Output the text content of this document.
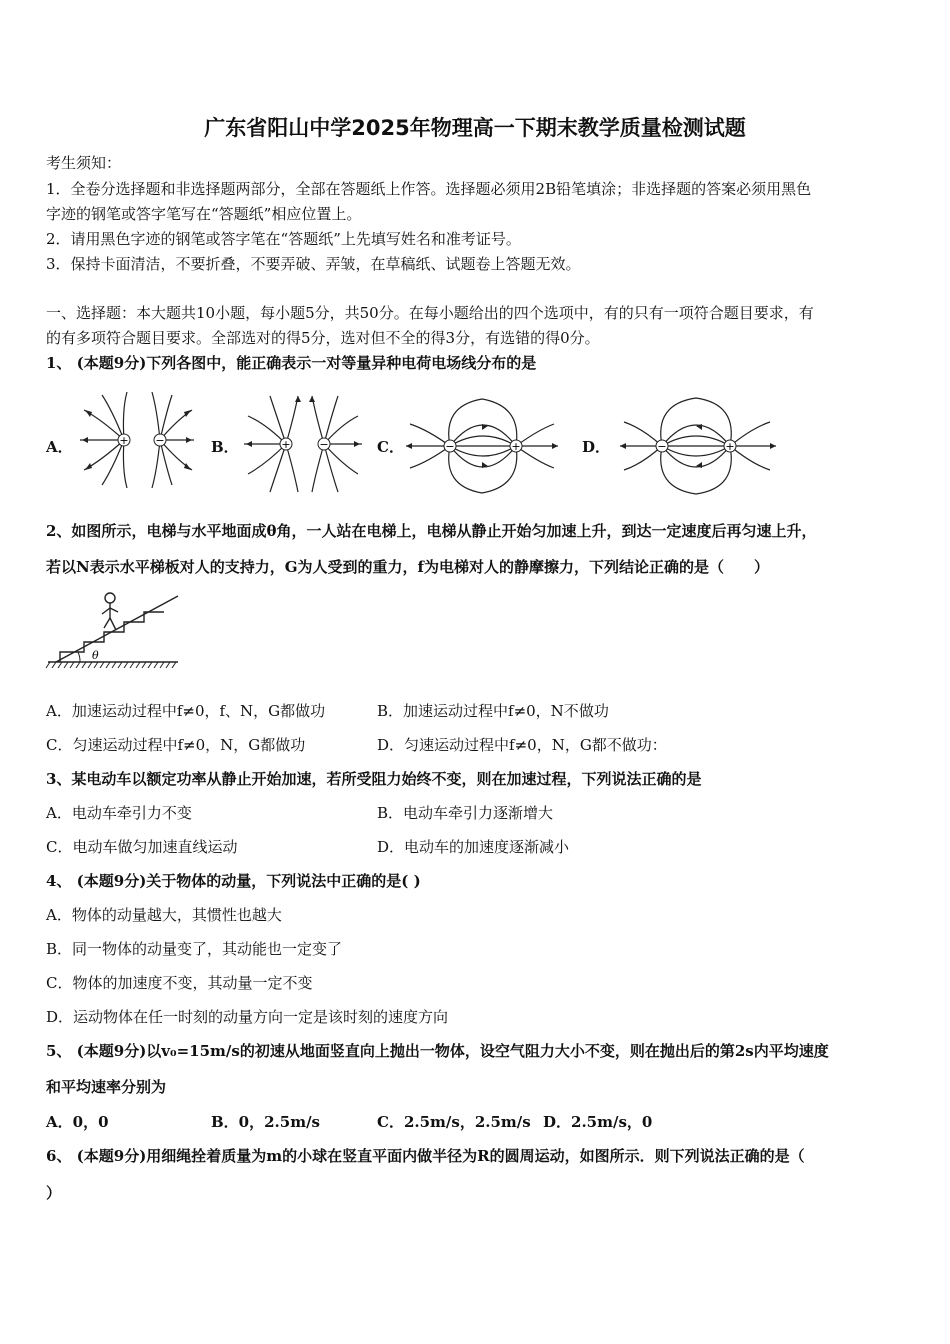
广东省阳山中学2025年物理高一下期末教学质量检测试题
考生须知：
1．全卷分选择题和非选择题两部分，全部在答题纸上作答。选择题必须用2B铅笔填涂；非选择题的答案必须用黑色
字迹的钢笔或答字笔写在“答题纸”相应位置上。
2．请用黑色字迹的钢笔或答字笔在“答题纸”上先填写姓名和准考证号。
3．保持卡面清洁，不要折叠，不要弄破、弄皱，在草稿纸、试题卷上答题无效。
一、选择题：本大题共10小题，每小题5分，共50分。在每小题给出的四个选项中，有的只有一项符合题目要求，有
的有多项符合题目要求。全部选对的得5分，选对但不全的得3分，有选错的得0分。
1、 (本题9分)下列各图中，能正确表示一对等量异种电荷电场线分布的是
A．	B．	C．	D．
+ −	+	−	−	+	−	+
2、如图所示，电梯与水平地面成θ角，一人站在电梯上，电梯从静止开始匀加速上升，到达一定速度后再匀速上升，
若以N表示水平梯板对人的支持力，G为人受到的重力，f为电梯对人的静摩擦力，下列结论正确的是（　　）
θ
A．加速运动过程中f≠0，f、N，G都做功	B．加速运动过程中f≠0，N不做功
C．匀速运动过程中f≠0，N，G都做功	D．匀速运动过程中f≠0，N，G都不做功：
3、某电动车以额定功率从静止开始加速，若所受阻力始终不变，则在加速过程，下列说法正确的是
A．电动车牵引力不变	B．电动车牵引力逐渐增大
C．电动车做匀加速直线运动	D．电动车的加速度逐渐减小
4、 (本题9分)关于物体的动量，下列说法中正确的是( )
A．物体的动量越大，其惯性也越大
B．同一物体的动量变了，其动能也一定变了
C．物体的加速度不变，其动量一定不变
D．运动物体在任一时刻的动量方向一定是该时刻的速度方向
5、 (本题9分)以v₀=15m/s的初速从地面竖直向上抛出一物体，设空气阻力大小不变，则在抛出后的第2s内平均速度
和平均速率分别为
A．0，0	B．0，2.5m/s	C．2.5m/s，2.5m/s D．2.5m/s，0
6、 (本题9分)用细绳拴着质量为m的小球在竖直平面内做半径为R的圆周运动，如图所示．则下列说法正确的是（
）
